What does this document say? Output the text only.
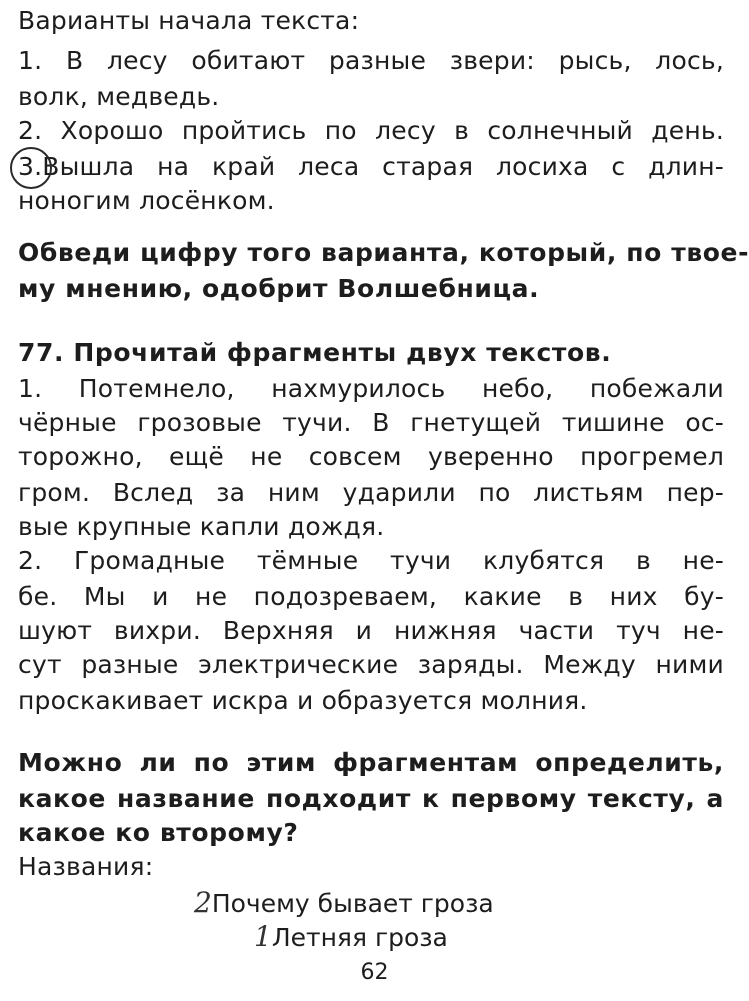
Варианты начала текста:
1. В лесу обитают разные звери: рысь, лось,
волк, медведь.
2. Хорошо пройтись по лесу в солнечный день.
3.Вышла на край леса старая лосиха с длин-
ноногим лосёнком.
Обведи цифру того варианта, который, по твое-
му мнению, одобрит Волшебница.
77. Прочитай фрагменты двух текстов.
1. Потемнело, нахмурилось небо, побежали
чёрные грозовые тучи. В гнетущей тишине ос-
торожно, ещё не совсем уверенно прогремел
гром. Вслед за ним ударили по листьям пер-
вые крупные капли дождя.
2. Громадные тёмные тучи клубятся в не-
бе. Мы и не подозреваем, какие в них бу-
шуют вихри. Верхняя и нижняя части туч не-
сут разные электрические заряды. Между ними
проскакивает искра и образуется молния.
Можно ли по этим фрагментам определить,
какое название подходит к первому тексту, а
какое ко второму?
Названия:
2Почему бывает гроза
1Летняя гроза
62
